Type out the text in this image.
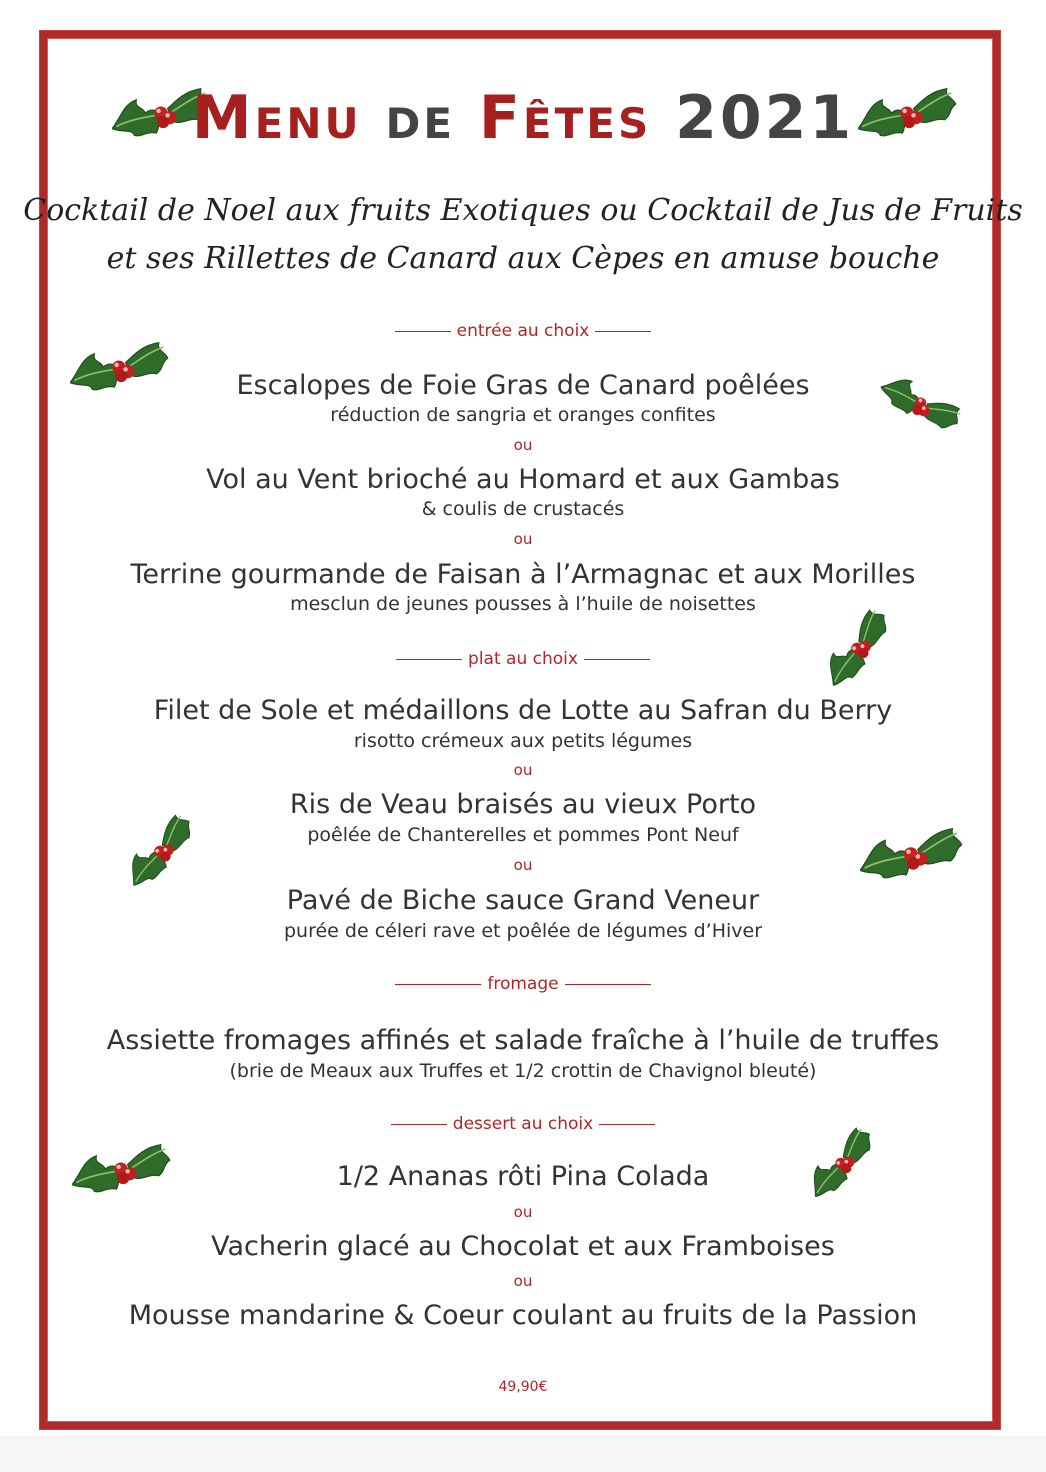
Menu de Fêtes 2021
Cocktail de Noel aux fruits Exotiques ou Cocktail de Jus de Fruits
et ses Rillettes de Canard aux Cèpes en amuse bouche
entrée au choix
Escalopes de Foie Gras de Canard poêlées
réduction de sangria et oranges confites
ou
Vol au Vent brioché au Homard et aux Gambas
& coulis de crustacés
ou
Terrine gourmande de Faisan à l’Armagnac et aux Morilles
mesclun de jeunes pousses à l’huile de noisettes
plat au choix
Filet de Sole et médaillons de Lotte au Safran du Berry
risotto crémeux aux petits légumes
ou
Ris de Veau braisés au vieux Porto
poêlée de Chanterelles et pommes Pont Neuf
ou
Pavé de Biche sauce Grand Veneur
purée de céleri rave et poêlée de légumes d’Hiver
fromage
Assiette fromages affinés et salade fraîche à l’huile de truffes
(brie de Meaux aux Truffes et 1/2 crottin de Chavignol bleuté)
dessert au choix
1/2 Ananas rôti Pina Colada
ou
Vacherin glacé au Chocolat et aux Framboises
ou
Mousse mandarine & Coeur coulant au fruits de la Passion
49,90€
